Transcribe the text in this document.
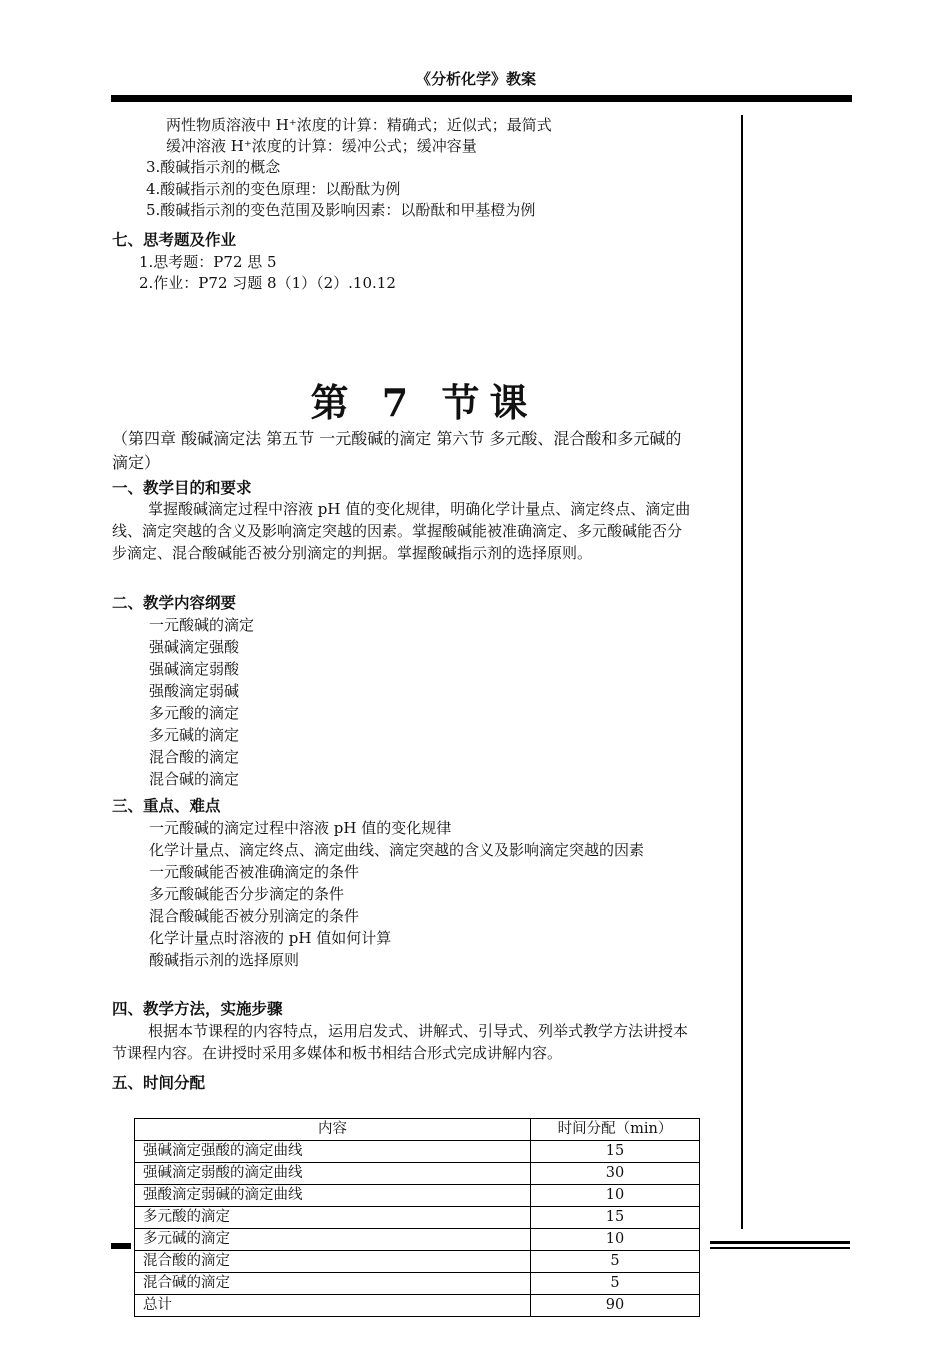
《分析化学》教案
两性物质溶液中 H⁺浓度的计算：精确式；近似式；最简式
缓冲溶液 H⁺浓度的计算：缓冲公式；缓冲容量
3.酸碱指示剂的概念
4.酸碱指示剂的变色原理：以酚酞为例
5.酸碱指示剂的变色范围及影响因素：以酚酞和甲基橙为例
七、思考题及作业
1.思考题：P72 思 5
2.作业：P72 习题 8（1）（2）.10.12
第 7 节课
（第四章 酸碱滴定法 第五节 一元酸碱的滴定 第六节 多元酸、混合酸和多元碱的滴定）
一、教学目的和要求
掌握酸碱滴定过程中溶液 pH 值的变化规律，明确化学计量点、滴定终点、滴定曲线、滴定突越的含义及影响滴定突越的因素。掌握酸碱能被准确滴定、多元酸碱能否分步滴定、混合酸碱能否被分别滴定的判据。掌握酸碱指示剂的选择原则。
二、教学内容纲要
一元酸碱的滴定
强碱滴定强酸
强碱滴定弱酸
强酸滴定弱碱
多元酸的滴定
多元碱的滴定
混合酸的滴定
混合碱的滴定
三、重点、难点
一元酸碱的滴定过程中溶液 pH 值的变化规律
化学计量点、滴定终点、滴定曲线、滴定突越的含义及影响滴定突越的因素
一元酸碱能否被准确滴定的条件
多元酸碱能否分步滴定的条件
混合酸碱能否被分别滴定的条件
化学计量点时溶液的 pH 值如何计算
酸碱指示剂的选择原则
四、教学方法，实施步骤
根据本节课程的内容特点，运用启发式、讲解式、引导式、列举式教学方法讲授本节课程内容。在讲授时采用多媒体和板书相结合形式完成讲解内容。
五、时间分配
内容	时间分配（min）
强碱滴定强酸的滴定曲线	15
强碱滴定弱酸的滴定曲线	30
强酸滴定弱碱的滴定曲线	10
多元酸的滴定	15
多元碱的滴定	10
混合酸的滴定	5
混合碱的滴定	5
总计	90
